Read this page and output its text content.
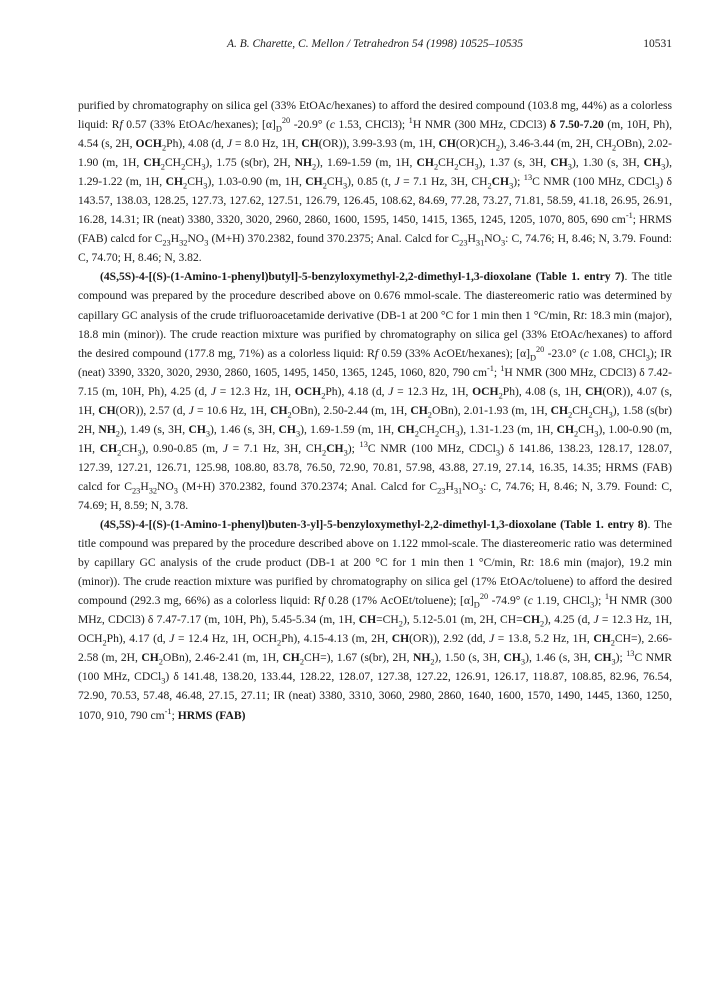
A. B. Charette, C. Mellon / Tetrahedron 54 (1998) 10525–10535	10531

purified by chromatography on silica gel (33% EtOAc/hexanes) to afford the desired compound (103.8 mg, 44%) as a colorless liquid: Rf 0.57 (33% EtOAc/hexanes); $[\alpha]_D^{20}$ -20.9° (c 1.53, CHCl3); $^1$H NMR (300 MHz, CDCl3) δ 7.50-7.20 (m, 10H, Ph), 4.54 (s, 2H, $OCH_2Ph$), 4.08 (d, J = 8.0 Hz, 1H, CH(OR)), 3.99-3.93 (m, 1H, $CH(OR)CH_2$), 3.46-3.44 (m, 2H, $CH_2OBn$), 2.02-1.90 (m, 1H, $CH_2CH_2CH_3$), 1.75 (s(br), 2H, $NH_2$), 1.69-1.59 (m, 1H, $CH_2CH_2CH_3$), 1.37 (s, 3H, $CH_3$), 1.30 (s, 3H, $CH_3$), 1.29-1.22 (m, 1H, $CH_2CH_3$), 1.03-0.90 (m, 1H, $CH_2CH_3$), 0.85 (t, J = 7.1 Hz, 3H, $CH_2CH_3$); $^{13}$C NMR (100 MHz, CDCl$_3$) δ 143.57, 138.03, 128.25, 127.73, 127.62, 127.51, 126.79, 126.45, 108.62, 84.69, 77.28, 73.27, 71.81, 58.59, 41.18, 26.95, 26.91, 16.28, 14.31; IR (neat) 3380, 3320, 3020, 2960, 2860, 1600, 1595, 1450, 1415, 1365, 1245, 1205, 1070, 805, 690 $cm^{-1}$; HRMS (FAB) calcd for $C_{23}H_{32}NO_3$ (M+H) 370.2382, found 370.2375; Anal. Calcd for $C_{23}H_{31}NO_3$: C, 74.76; H, 8.46; N, 3.79. Found: C, 74.70; H, 8.46; N, 3.82.

(4S,5S)-4-[(S)-(1-Amino-1-phenyl)butyl]-5-benzyloxymethyl-2,2-dimethyl-1,3-dioxolane (Table 1. entry 7). The title compound was prepared by the procedure described above on 0.676 mmol-scale. The diastereomeric ratio was determined by capillary GC analysis of the crude trifluoroacetamide derivative (DB-1 at 200 °C for 1 min then 1 °C/min, Rt: 18.3 min (major), 18.8 min (minor)). The crude reaction mixture was purified by chromatography on silica gel (33% EtOAc/hexanes) to afford the desired compound (177.8 mg, 71%) as a colorless liquid: Rf 0.59 (33% AcOEt/hexanes); $[\alpha]_D^{20}$ -23.0° (c 1.08, CHCl$_3$); IR (neat) 3390, 3320, 3020, 2930, 2860, 1605, 1495, 1450, 1365, 1245, 1060, 820, 790 $cm^{-1}$; $^1$H NMR (300 MHz, CDCl3) δ 7.42-7.15 (m, 10H, Ph), 4.25 (d, J = 12.3 Hz, 1H, $OCH_2Ph$), 4.18 (d, J = 12.3 Hz, 1H, $OCH_2Ph$), 4.08 (s, 1H, CH(OR)), 4.07 (s, 1H, CH(OR)), 2.57 (d, J = 10.6 Hz, 1H, $CH_2OBn$), 2.50-2.44 (m, 1H, $CH_2OBn$), 2.01-1.93 (m, 1H, $CH_2CH_2CH_3$), 1.58 (s(br) 2H, $NH_2$), 1.49 (s, 3H, $CH_3$), 1.46 (s, 3H, $CH_3$), 1.69-1.59 (m, 1H, $CH_2CH_2CH_3$), 1.31-1.23 (m, 1H, $CH_2CH_3$), 1.00-0.90 (m, 1H, $CH_2CH_3$), 0.90-0.85 (m, J = 7.1 Hz, 3H, $CH_2CH_3$); $^{13}$C NMR (100 MHz, CDCl$_3$) δ 141.86, 138.23, 128.17, 128.07, 127.39, 127.21, 126.71, 125.98, 108.80, 83.78, 76.50, 72.90, 70.81, 57.98, 43.88, 27.19, 27.14, 16.35, 14.35; HRMS (FAB) calcd for $C_{23}H_{32}NO_3$ (M+H) 370.2382, found 370.2374; Anal. Calcd for $C_{23}H_{31}NO_3$: C, 74.76; H, 8.46; N, 3.79. Found: C, 74.69; H, 8.59; N, 3.78.

(4S,5S)-4-[(S)-(1-Amino-1-phenyl)buten-3-yl]-5-benzyloxymethyl-2,2-dimethyl-1,3-dioxolane (Table 1. entry 8). The title compound was prepared by the procedure described above on 1.122 mmol-scale. The diastereomeric ratio was determined by capillary GC analysis of the crude product (DB-1 at 200 °C for 1 min then 1 °C/min, Rt: 18.6 min (major), 19.2 min (minor)). The crude reaction mixture was purified by chromatography on silica gel (17% EtOAc/toluene) to afford the desired compound (292.3 mg, 66%) as a colorless liquid: Rf 0.28 (17% AcOEt/toluene); $[\alpha]_D^{20}$ -74.9° (c 1.19, CHCl$_3$); $^1$H NMR (300 MHz, CDCl3) δ 7.47-7.17 (m, 10H, Ph), 5.45-5.34 (m, 1H, $CH=CH_2$), 5.12-5.01 (m, 2H, $CH=CH_2$), 4.25 (d, J = 12.3 Hz, 1H, $OCH_2Ph$), 4.17 (d, J = 12.4 Hz, 1H, $OCH_2Ph$), 4.15-4.13 (m, 2H, CH(OR)), 2.92 (dd, J = 13.8, 5.2 Hz, 1H, $CH_2CH=$), 2.66-2.58 (m, 2H, $CH_2OBn$), 2.46-2.41 (m, 1H, $CH_2CH=$), 1.67 (s(br), 2H, $NH_2$), 1.50 (s, 3H, $CH_3$), 1.46 (s, 3H, $CH_3$); $^{13}$C NMR (100 MHz, CDCl$_3$) δ 141.48, 138.20, 133.44, 128.22, 128.07, 127.38, 127.22, 126.91, 126.17, 118.87, 108.85, 82.96, 76.54, 72.90, 70.53, 57.48, 46.48, 27.15, 27.11; IR (neat) 3380, 3310, 3060, 2980, 2860, 1640, 1600, 1570, 1490, 1445, 1360, 1250, 1070, 910, 790 $cm^{-1}$; HRMS (FAB)
